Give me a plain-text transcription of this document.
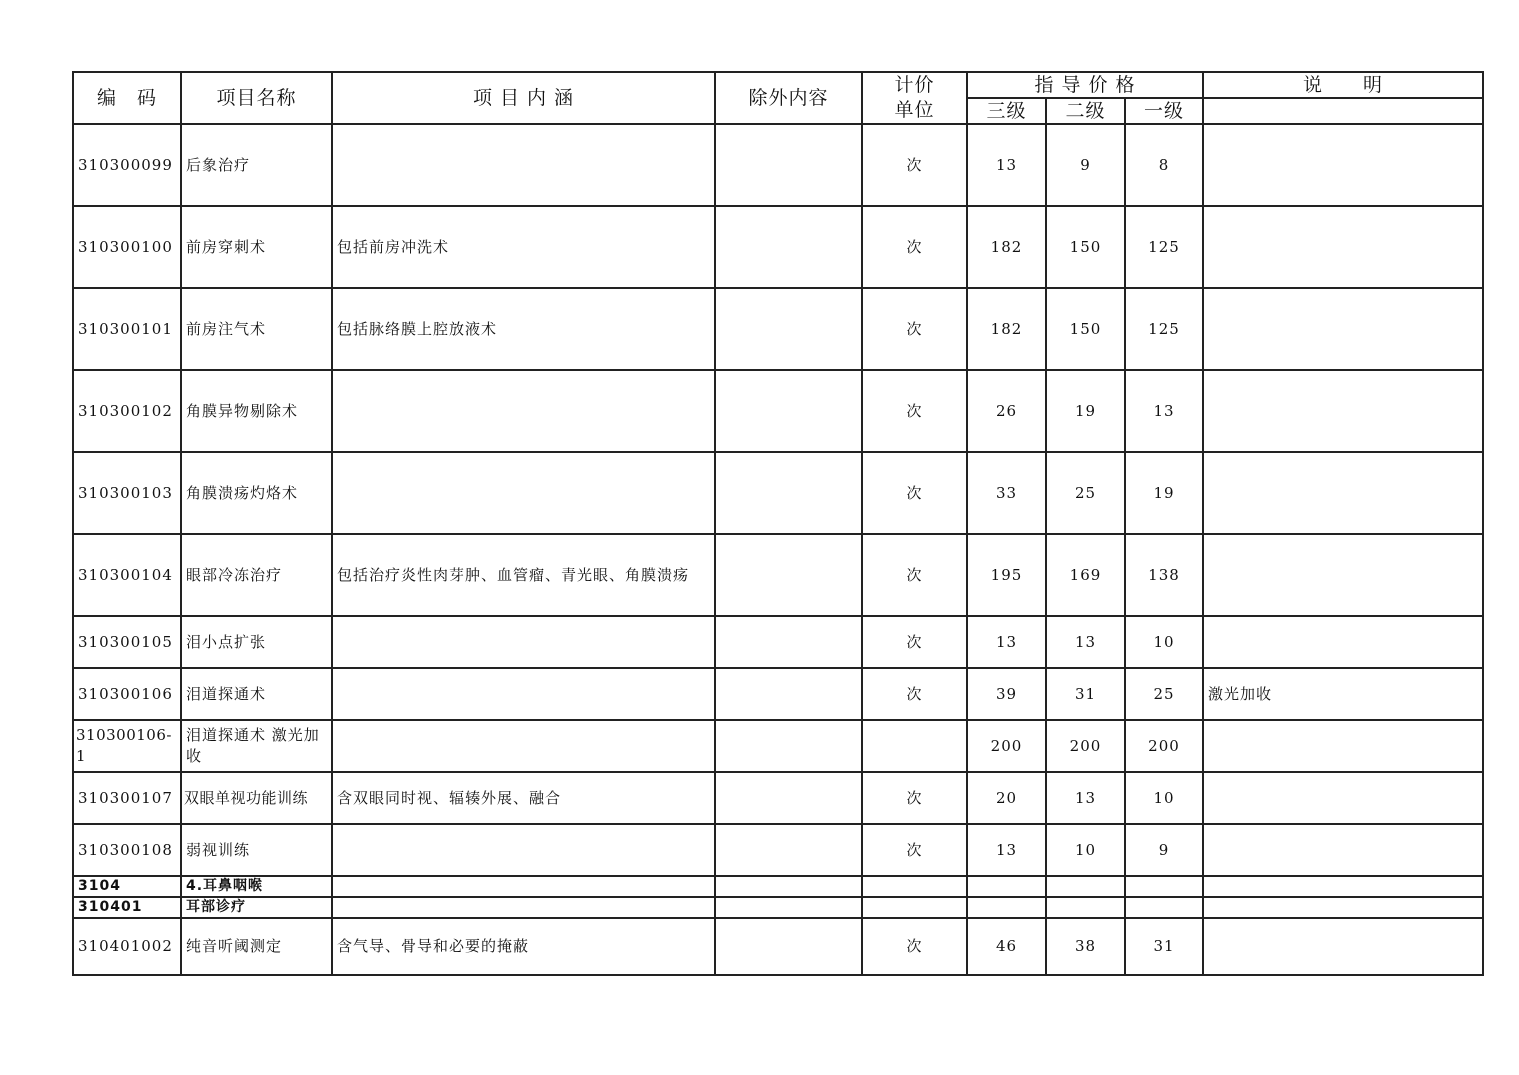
编　码	项目名称	项 目 内 涵	除外内容	计价单位	指 导 价 格			说　　明
					三级	二级	一级	
310300099	后象治疗			次	13	9	8	
310300100	前房穿刺术	包括前房冲洗术		次	182	150	125	
310300101	前房注气术	包括脉络膜上腔放液术		次	182	150	125	
310300102	角膜异物剔除术			次	26	19	13	
310300103	角膜溃疡灼烙术			次	33	25	19	
310300104	眼部冷冻治疗	包括治疗炎性肉芽肿、血管瘤、青光眼、角膜溃疡		次	195	169	138	
310300105	泪小点扩张			次	13	13	10	
310300106	泪道探通术			次	39	31	25	激光加收
310300106-1	泪道探通术 激光加收				200	200	200	
310300107	双眼单视功能训练	含双眼同时视、辐辏外展、融合		次	20	13	10	
310300108	弱视训练			次	13	10	9	
3104	4.耳鼻咽喉							
310401	耳部诊疗							
310401002	纯音听阈测定	含气导、骨导和必要的掩蔽		次	46	38	31	
